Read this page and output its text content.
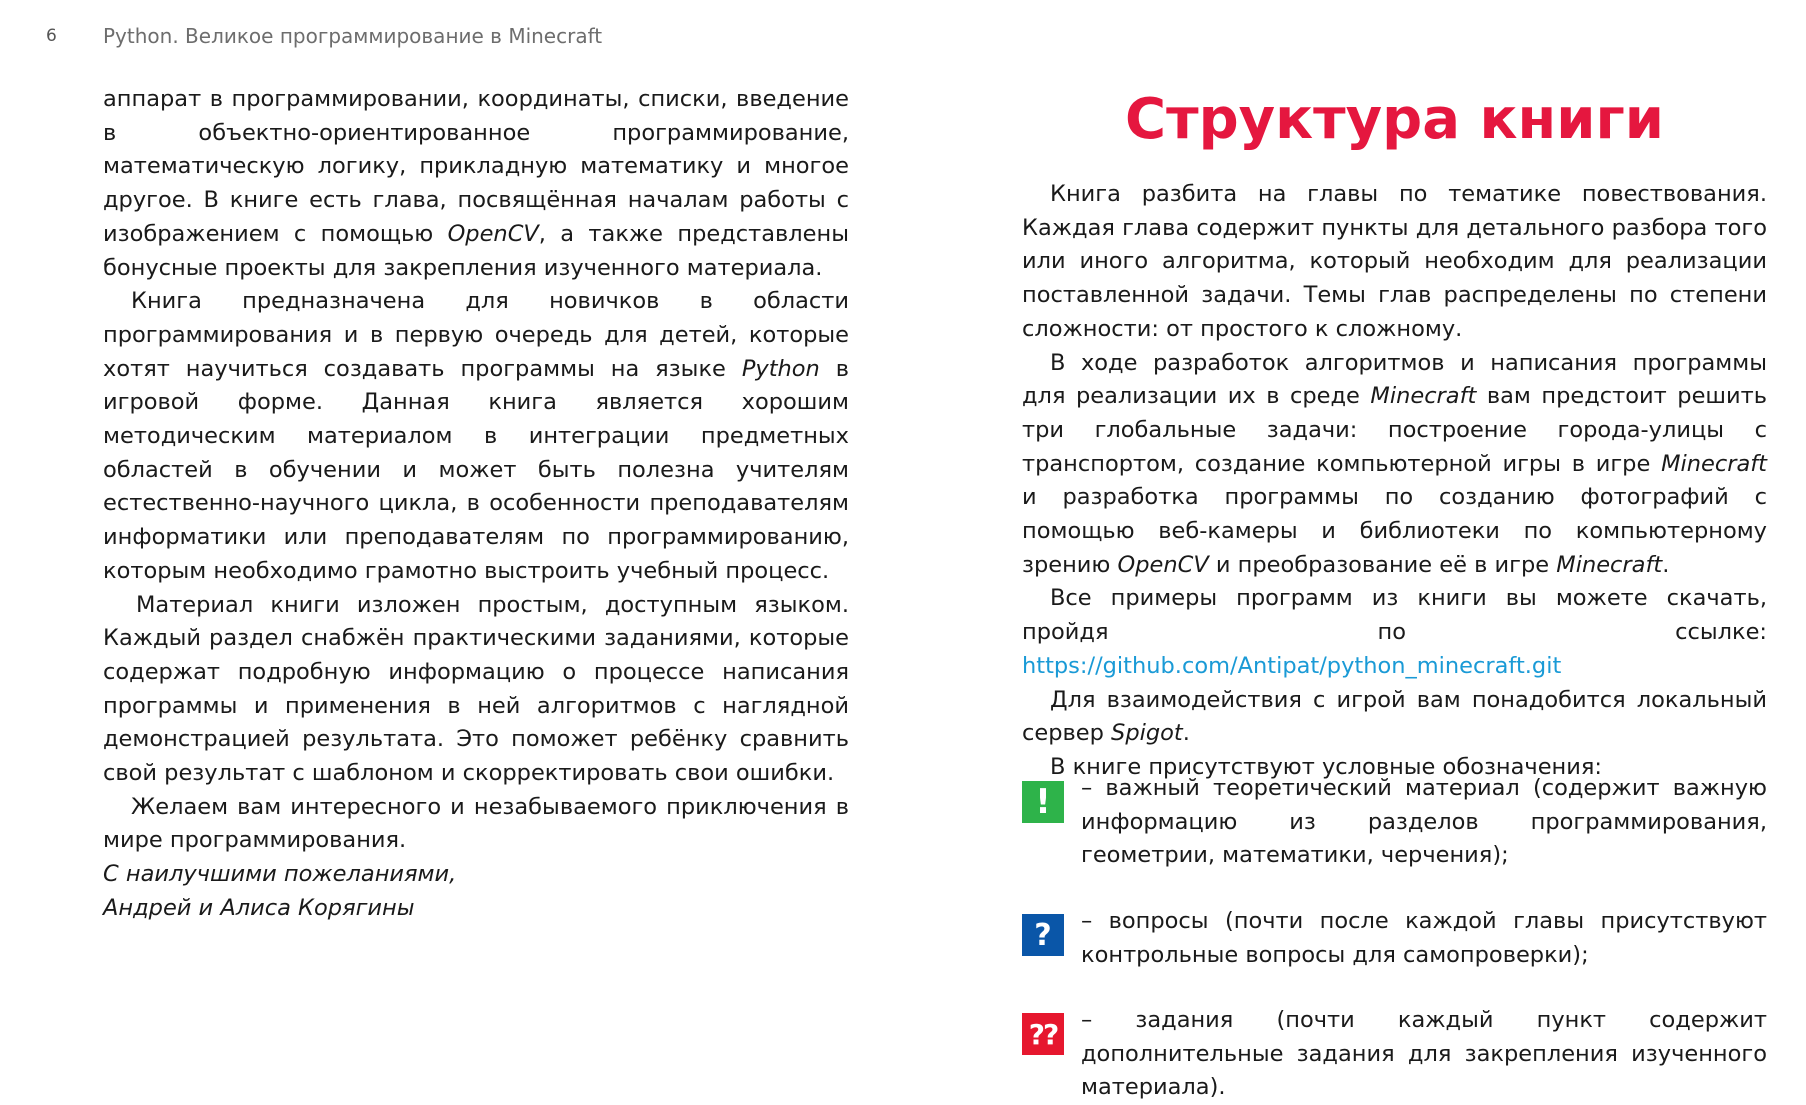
6 Python. Великое программирование в Minecraft

аппарат в программировании, координаты, списки, введение в объектно-ориентированное программирование, математическую логику, прикладную математику и многое другое. В книге есть глава, посвящённая началам работы с изображением с помощью OpenCV, а также представлены бонусные проекты для закрепления изученного материала.

Книга предназначена для новичков в области программирования и в первую очередь для детей, которые хотят научиться создавать программы на языке Python в игровой форме. Данная книга является хорошим методическим материалом в интеграции предметных областей в обучении и может быть полезна учителям естественно-научного цикла, в особенности преподавателям информатики или преподавателям по программированию, которым необходимо грамотно выстроить учебный процесс.

Материал книги изложен простым, доступным языком. Каждый раздел снабжён практическими заданиями, которые содержат подробную информацию о процессе написания программы и применения в ней алгоритмов с наглядной демонстрацией результата. Это поможет ребёнку сравнить свой результат с шаблоном и скорректировать свои ошибки.

Желаем вам интересного и незабываемого приключения в мире программирования.

С наилучшими пожеланиями,

Андрей и Алиса Корягины

Структура книги

Книга разбита на главы по тематике повествования. Каждая глава содержит пункты для детального разбора того или иного алгоритма, который необходим для реализации поставленной задачи. Темы глав распределены по степени сложности: от простого к сложному.

В ходе разработок алгоритмов и написания программы для реализации их в среде Minecraft вам предстоит решить три глобальные задачи: построение города-улицы с транспортом, создание компьютерной игры в игре Minecraft и разработка программы по созданию фотографий с помощью веб-камеры и библиотеки по компьютерному зрению OpenCV и преобразование её в игре Minecraft.

Все примеры программ из книги вы можете скачать, пройдя по ссылке: https://github.com/Antipat/python_minecraft.git

Для взаимодействия с игрой вам понадобится локальный сервер Spigot.

В книге присутствуют условные обозначения:

!	– важный теоретический материал (содержит важную информацию из разделов программирования, геометрии, математики, черчения);
?	– вопросы (почти после каждой главы присутствуют контрольные вопросы для самопроверки);
??	– задания (почти каждый пункт содержит дополнительные задания для закрепления изученного материала).
